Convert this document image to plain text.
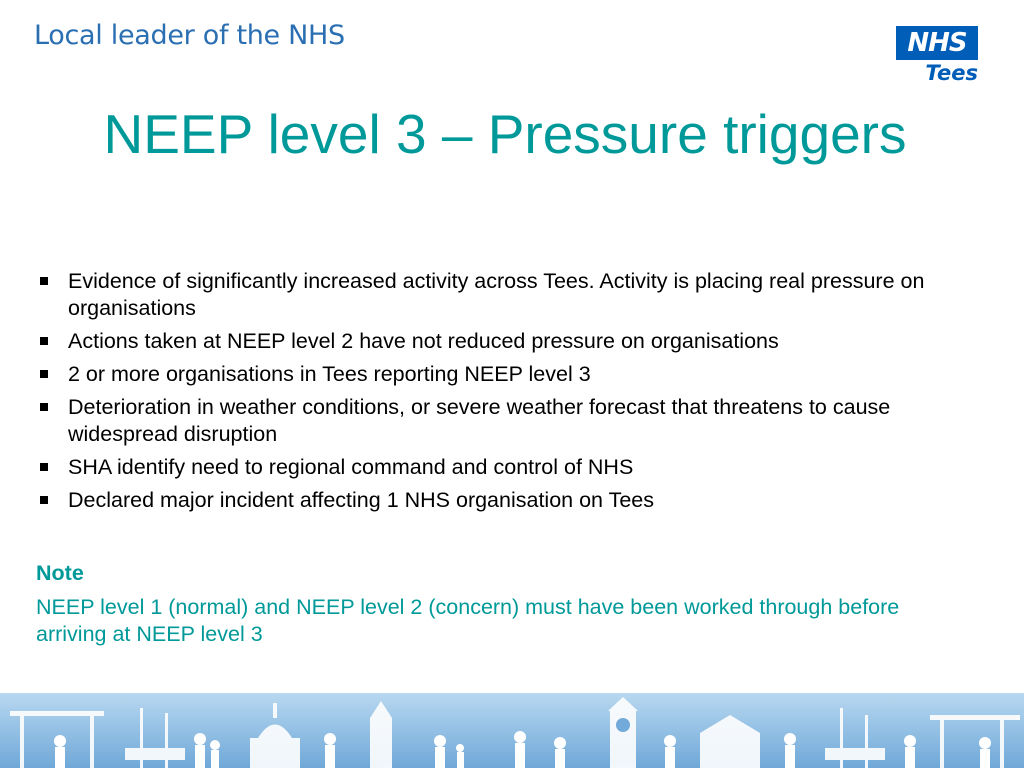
Local leader of the NHS	NHS
Tees
NEEP level 3 – Pressure triggers
Evidence of significantly increased activity across Tees. Activity is placing real pressure on organisations
Actions taken at NEEP level 2 have not reduced pressure on organisations
2 or more organisations in Tees reporting NEEP level 3
Deterioration in weather conditions, or severe weather forecast that threatens to cause widespread disruption
SHA identify need to regional command and control of NHS
Declared major incident affecting 1 NHS organisation on Tees
Note
NEEP level 1 (normal) and NEEP level 2 (concern) must have been worked through before arriving at NEEP level 3
